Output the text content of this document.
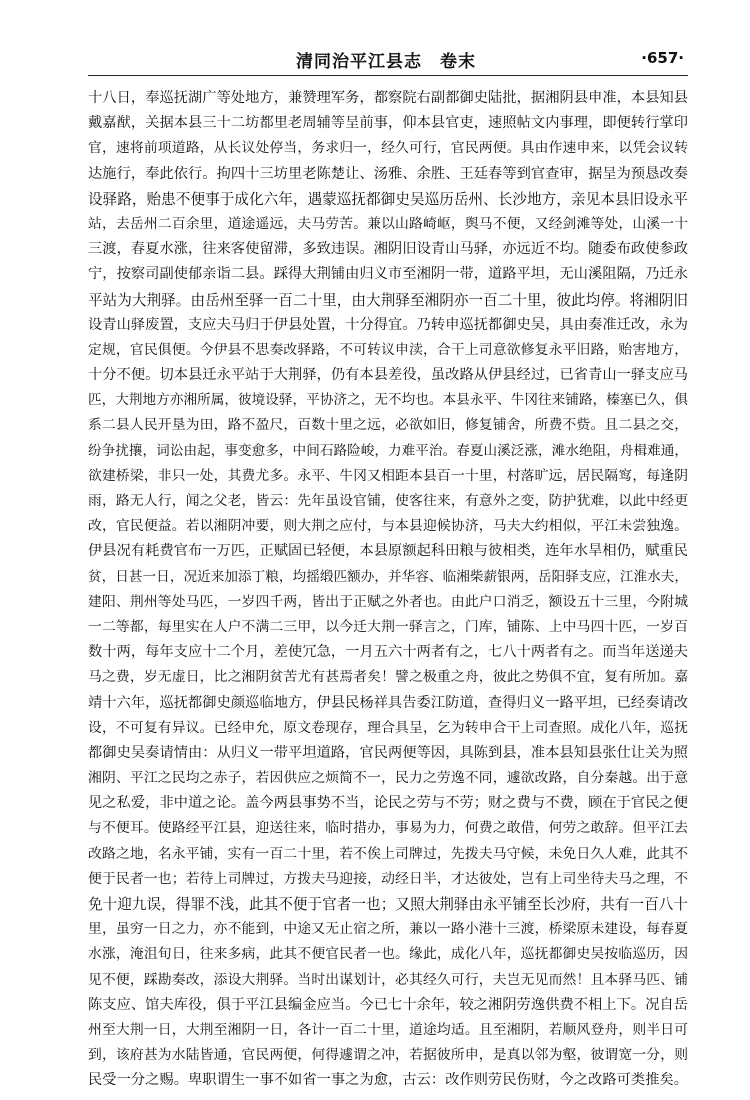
清同治平江县志　卷末	·657·
十八日，奉巡抚湖广等处地方，兼赞理军务，都察院右副都御史陆批，据湘阴县申准，本县知县
戴嘉猷，关据本县三十二坊都里老周辅等呈前事，仰本县官吏，速照帖文内事理，即便转行掌印
官，速将前项道路，从长议处停当，务求归一，经久可行，官民两便。具由作速申来，以凭会议转
达施行，奉此依行。拘四十三坊里老陈楚让、汤雅、余胜、王廷春等到官查审，据呈为预恳改奏
设驿路，贻患不便事于成化六年，遇蒙巡抚都御史吴巡历岳州、长沙地方，亲见本县旧设永平
站，去岳州二百余里，道途遥远，夫马劳苦。兼以山路崎岖，舆马不便，又经剑滩等处，山溪一十
三渡，春夏水涨，往来客使留滞，多致违误。湘阴旧设青山马驿，亦远近不均。随委布政使参政
宁，按察司副使郁亲诣二县。踩得大荆铺由归义市至湘阴一带，道路平坦，无山溪阻隔，乃迁永
平站为大荆驿。由岳州至驿一百二十里，由大荆驿至湘阴亦一百二十里，彼此均停。将湘阴旧
设青山驿废置，支应夫马归于伊县处置，十分得宜。乃转申巡抚都御史吴，具由奏准迁改，永为
定规，官民俱便。今伊县不思奏改驿路，不可转议申渎，合干上司意欲修复永平旧路，贻害地方，
十分不便。切本县迁永平站于大荆驿，仍有本县差役，虽改路从伊县经过，已省青山一驿支应马
匹，大荆地方亦湘所属，彼境设驿，平协济之，无不均也。本县永平、牛冈往来铺路，榛塞已久，俱
系二县人民开垦为田，路不盈尺，百数十里之远，必欲如旧，修复铺舍，所费不赀。且二县之交，
纷争扰攘，词讼由起，事变愈多，中间石路险峻，力难平治。春夏山溪泛涨，滩水绝阻，舟楫难通，
欲建桥梁，非只一处，其费尤多。永平、牛冈又相距本县百一十里，村落旷远，居民隔窎，每逢阴
雨，路无人行，闻之父老，皆云：先年虽设官铺，使客往来，有意外之变，防护犹难，以此中经更
改，官民便益。若以湘阴冲要，则大荆之应付，与本县迎候协济，马夫大约相似，平江未尝独逸。
伊县况有耗费官布一万匹，正赋固已轻便，本县原额起科田粮与彼相类，连年水旱相仍，赋重民
贫，日甚一日，况近来加添丁粮，均摇缎匹额办，并华容、临湘柴薪银两，岳阳驿支应，江淮水夫，
建阳、荆州等处马匹，一岁四千两，皆出于正赋之外者也。由此户口消乏，额设五十三里，今附城
一二等都，每里实在人户不满二三甲，以今迁大荆一驿言之，门库，铺陈、上中马四十匹，一岁百
数十两，每年支应十二个月，差使冗急，一月五六十两者有之，七八十两者有之。而当年送递夫
马之费，岁无虚日，比之湘阴贫苦尤有甚焉者矣！譬之极重之舟，彼此之势俱不宜，复有所加。嘉
靖十六年，巡抚都御史颜巡临地方，伊县民杨祥具告委江防道，查得归义一路平坦，已经奏请改
设，不可复有异议。已经申允，原文卷现存，理合具呈，乞为转申合干上司查照。成化八年，巡抚
都御史吴奏请情由：从归义一带平坦道路，官民两便等因，具陈到县，准本县知县张仕让关为照
湘阴、平江之民均之赤子，若因供应之烦简不一，民力之劳逸不同，遽欲改路，自分秦越。出于意
见之私爱，非中道之论。盖今两县事势不当，论民之劳与不劳；财之费与不费，顾在于官民之便
与不便耳。使路经平江县，迎送往来，临时措办，事易为力，何费之敢借，何劳之敢辞。但平江去
改路之地，名永平铺，实有一百二十里，若不俟上司牌过，先拨夫马守候，未免日久人难，此其不
便于民者一也；若待上司牌过，方拨夫马迎接，动经日半，才达彼处，岂有上司坐待夫马之理，不
免十迎九误，得罪不浅，此其不便于官者一也；又照大荆驿由永平铺至长沙府，共有一百八十
里，虽穷一日之力，亦不能到，中途又无止宿之所，兼以一路小港十三渡，桥梁原未建设，每春夏
水涨，淹沮旬日，往来多病，此其不便官民者一也。缘此，成化八年，巡抚都御史吴按临巡历，因
见不便，踩勘奏改，添设大荆驿。当时出谋划计，必其经久可行，夫岂无见而然！且本驿马匹、铺
陈支应、馆夫库役，俱于平江县编金应当。今已七十余年，较之湘阴劳逸供费不相上下。况自岳
州至大荆一日，大荆至湘阴一日，各计一百二十里，道途均适。且至湘阴，若顺风登舟，则半日可
到，该府甚为水陆皆通，官民两便，何得遽谓之冲，若据彼所申，是真以邻为壑，彼谓宽一分，则
民受一分之赐。卑职谓生一事不如省一事之为愈，古云：改作则劳民伤财，今之改路可类推矣。
